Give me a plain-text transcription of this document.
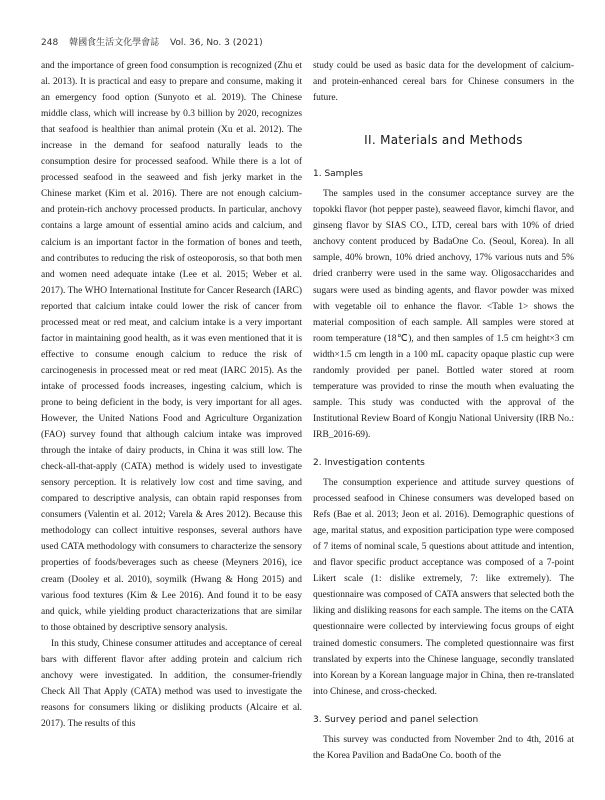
248 韓國食生活文化學會誌 Vol. 36, No. 3 (2021)

and the importance of green food consumption is recognized (Zhu et al. 2013). It is practical and easy to prepare and consume, making it an emergency food option (Sunyoto et al. 2019). The Chinese middle class, which will increase by 0.3 billion by 2020, recognizes that seafood is healthier than animal protein (Xu et al. 2012). The increase in the demand for seafood naturally leads to the consumption desire for processed seafood. While there is a lot of processed seafood in the seaweed and fish jerky market in the Chinese market (Kim et al. 2016). There are not enough calcium- and protein-rich anchovy processed products. In particular, anchovy contains a large amount of essential amino acids and calcium, and calcium is an important factor in the formation of bones and teeth, and contributes to reducing the risk of osteoporosis, so that both men and women need adequate intake (Lee et al. 2015; Weber et al. 2017). The WHO International Institute for Cancer Research (IARC) reported that calcium intake could lower the risk of cancer from processed meat or red meat, and calcium intake is a very important factor in maintaining good health, as it was even mentioned that it is effective to consume enough calcium to reduce the risk of carcinogenesis in processed meat or red meat (IARC 2015). As the intake of processed foods increases, ingesting calcium, which is prone to being deficient in the body, is very important for all ages. However, the United Nations Food and Agriculture Organization (FAO) survey found that although calcium intake was improved through the intake of dairy products, in China it was still low. The check-all-that-apply (CATA) method is widely used to investigate sensory perception. It is relatively low cost and time saving, and compared to descriptive analysis, can obtain rapid responses from consumers (Valentin et al. 2012; Varela & Ares 2012). Because this methodology can collect intuitive responses, several authors have used CATA methodology with consumers to characterize the sensory properties of foods/beverages such as cheese (Meyners 2016), ice cream (Dooley et al. 2010), soymilk (Hwang & Hong 2015) and various food textures (Kim & Lee 2016). And found it to be easy and quick, while yielding product characterizations that are similar to those obtained by descriptive sensory analysis.

In this study, Chinese consumer attitudes and acceptance of cereal bars with different flavor after adding protein and calcium rich anchovy were investigated. In addition, the consumer-friendly Check All That Apply (CATA) method was used to investigate the reasons for consumers liking or disliking products (Alcaire et al. 2017). The results of this

study could be used as basic data for the development of calcium- and protein-enhanced cereal bars for Chinese consumers in the future.

II. Materials and Methods
1. Samples

The samples used in the consumer acceptance survey are the topokki flavor (hot pepper paste), seaweed flavor, kimchi flavor, and ginseng flavor by SIAS CO., LTD, cereal bars with 10% of dried anchovy content produced by BadaOne Co. (Seoul, Korea). In all sample, 40% brown, 10% dried anchovy, 17% various nuts and 5% dried cranberry were used in the same way. Oligosaccharides and sugars were used as binding agents, and flavor powder was mixed with vegetable oil to enhance the flavor. <Table 1> shows the material composition of each sample. All samples were stored at room temperature (18℃), and then samples of 1.5 cm height×3 cm width×1.5 cm length in a 100 mL capacity opaque plastic cup were randomly provided per panel. Bottled water stored at room temperature was provided to rinse the mouth when evaluating the sample. This study was conducted with the approval of the Institutional Review Board of Kongju National University (IRB No.: IRB_2016-69).

2. Investigation contents

The consumption experience and attitude survey questions of processed seafood in Chinese consumers was developed based on Refs (Bae et al. 2013; Jeon et al. 2016). Demographic questions of age, marital status, and exposition participation type were composed of 7 items of nominal scale, 5 questions about attitude and intention, and flavor specific product acceptance was composed of a 7-point Likert scale (1: dislike extremely, 7: like extremely). The questionnaire was composed of CATA answers that selected both the liking and disliking reasons for each sample. The items on the CATA questionnaire were collected by interviewing focus groups of eight trained domestic consumers. The completed questionnaire was first translated by experts into the Chinese language, secondly translated into Korean by a Korean language major in China, then re-translated into Chinese, and cross-checked.

3. Survey period and panel selection

This survey was conducted from November 2nd to 4th, 2016 at the Korea Pavilion and BadaOne Co. booth of the
